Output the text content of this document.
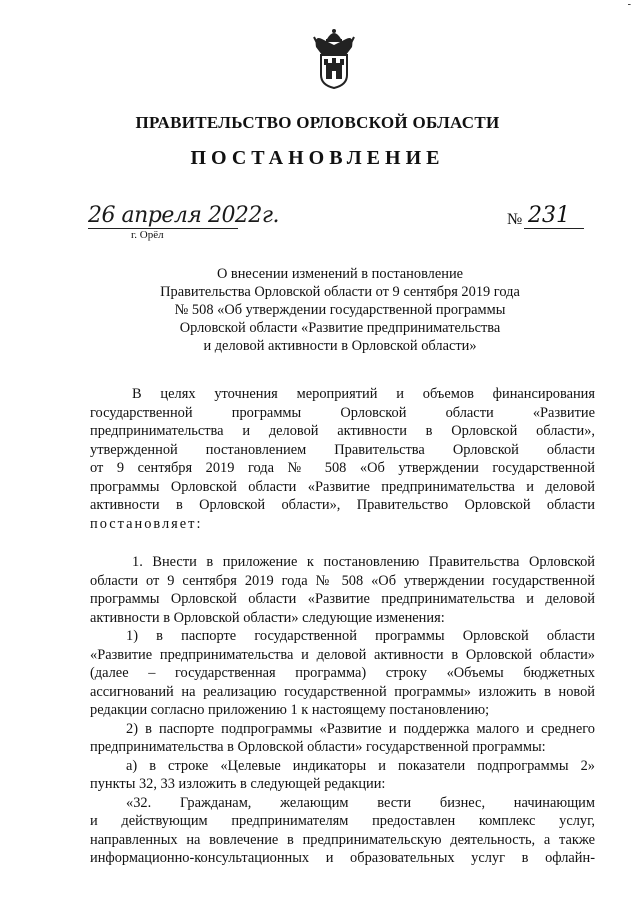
-
ПРАВИТЕЛЬСТВО ОРЛОВСКОЙ ОБЛАСТИ
ПОСТАНОВЛЕНИЕ
26 апреля 2022г.
г. Орёл
№ 231
О внесении изменений в постановление
Правительства Орловской области от 9 сентября 2019 года
№ 508 «Об утверждении государственной программы
Орловской области «Развитие предпринимательства
и деловой активности в Орловской области»
В целях уточнения мероприятий и объемов финансирования
государственной программы Орловской области «Развитие
предпринимательства и деловой активности в Орловской области»,
утвержденной постановлением Правительства Орловской области
от 9 сентября 2019 года № 508 «Об утверждении государственной
программы Орловской области «Развитие предпринимательства и деловой
активности в Орловской области», Правительство Орловской области
постановляет:
1. Внести в приложение к постановлению Правительства Орловской
области от 9 сентября 2019 года № 508 «Об утверждении государственной
программы Орловской области «Развитие предпринимательства и деловой
активности в Орловской области» следующие изменения:
1) в паспорте государственной программы Орловской области
«Развитие предпринимательства и деловой активности в Орловской области»
(далее – государственная программа) строку «Объемы бюджетных
ассигнований на реализацию государственной программы» изложить в новой
редакции согласно приложению 1 к настоящему постановлению;
2) в паспорте подпрограммы «Развитие и поддержка малого и среднего
предпринимательства в Орловской области» государственной программы:
а) в строке «Целевые индикаторы и показатели подпрограммы 2»
пункты 32, 33 изложить в следующей редакции:
«32. Гражданам, желающим вести бизнес, начинающим
и действующим предпринимателям предоставлен комплекс услуг,
направленных на вовлечение в предпринимательскую деятельность, а также
информационно-консультационных и образовательных услуг в офлайн-
